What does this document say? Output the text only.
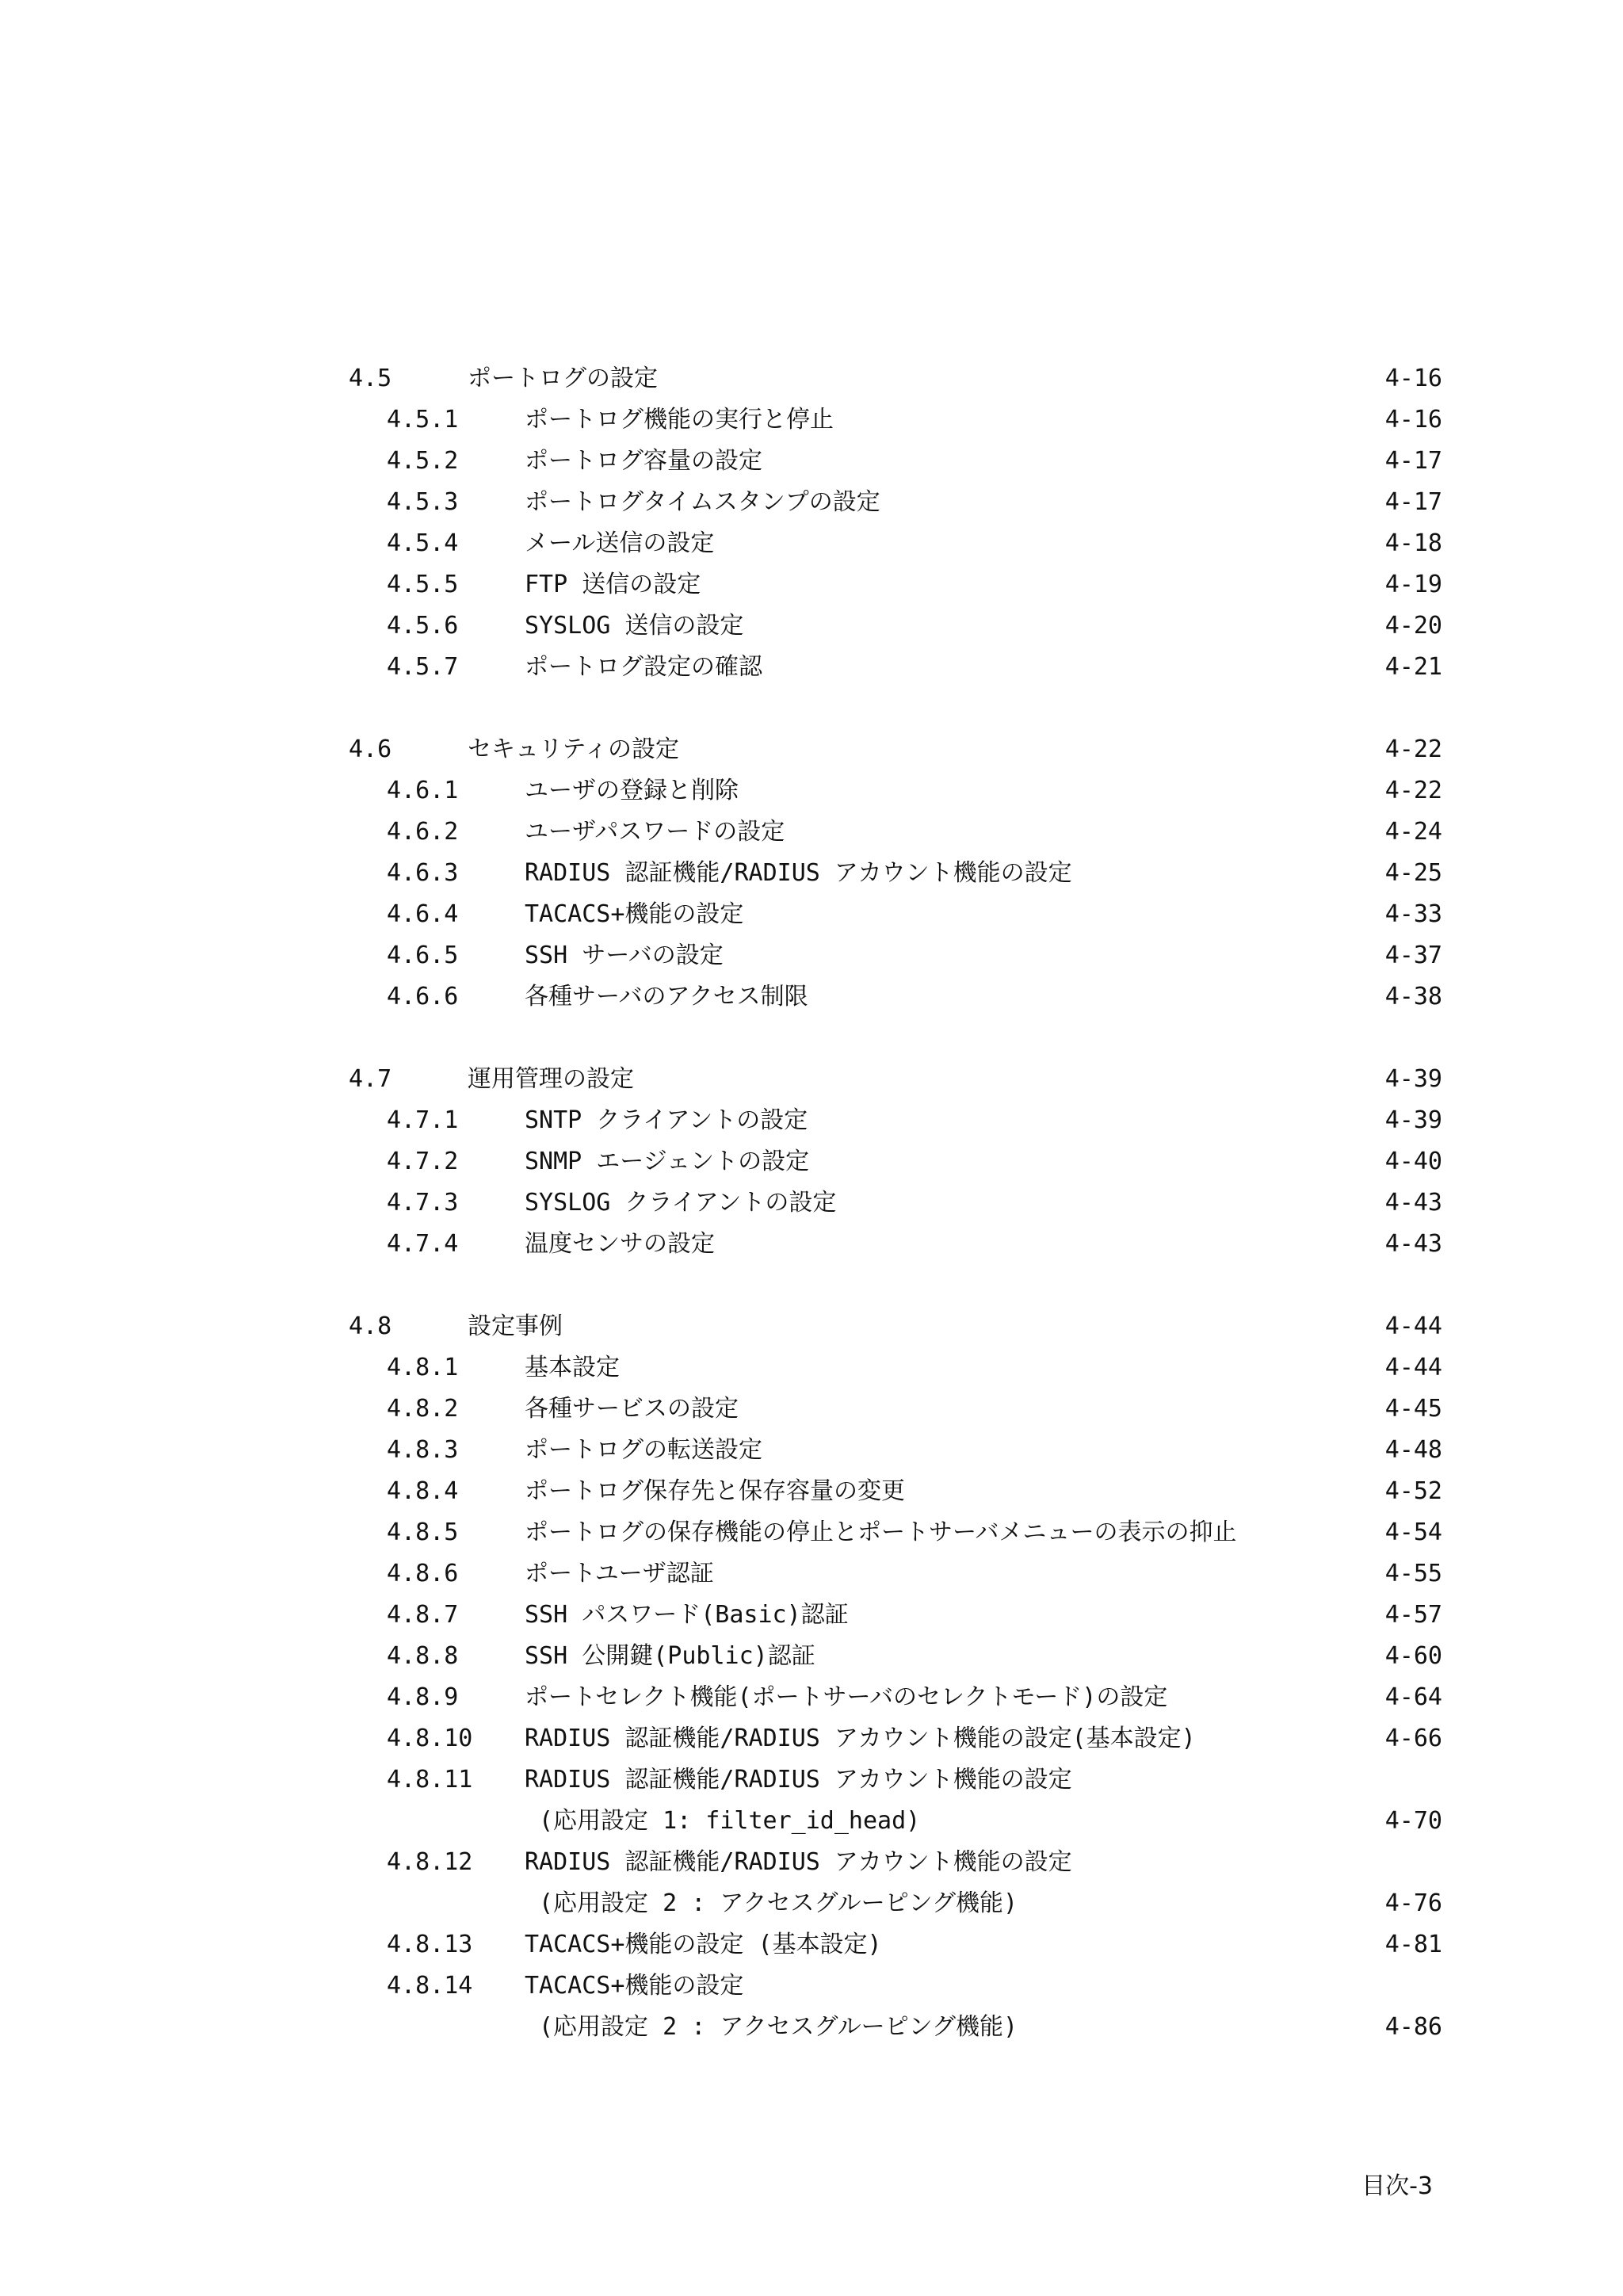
4.5	ポートログの設定	4-16
4.5.1	ポートログ機能の実行と停止	4-16
4.5.2	ポートログ容量の設定	4-17
4.5.3	ポートログタイムスタンプの設定	4-17
4.5.4	メール送信の設定	4-18
4.5.5	FTP 送信の設定	4-19
4.5.6	SYSLOG 送信の設定	4-20
4.5.7	ポートログ設定の確認	4-21
4.6	セキュリティの設定	4-22
4.6.1	ユーザの登録と削除	4-22
4.6.2	ユーザパスワードの設定	4-24
4.6.3	RADIUS 認証機能/RADIUS アカウント機能の設定	4-25
4.6.4	TACACS+機能の設定	4-33
4.6.5	SSH サーバの設定	4-37
4.6.6	各種サーバのアクセス制限	4-38
4.7	運用管理の設定	4-39
4.7.1	SNTP クライアントの設定	4-39
4.7.2	SNMP エージェントの設定	4-40
4.7.3	SYSLOG クライアントの設定	4-43
4.7.4	温度センサの設定	4-43
4.8	設定事例	4-44
4.8.1	基本設定	4-44
4.8.2	各種サービスの設定	4-45
4.8.3	ポートログの転送設定	4-48
4.8.4	ポートログ保存先と保存容量の変更	4-52
4.8.5	ポートログの保存機能の停止とポートサーバメニューの表示の抑止	4-54
4.8.6	ポートユーザ認証	4-55
4.8.7	SSH パスワード(Basic)認証	4-57
4.8.8	SSH 公開鍵(Public)認証	4-60
4.8.9	ポートセレクト機能(ポートサーバのセレクトモード)の設定	4-64
4.8.10 RADIUS 認証機能/RADIUS アカウント機能の設定(基本設定)	4-66
4.8.11 RADIUS 認証機能/RADIUS アカウント機能の設定
(応用設定 1: filter_id_head)	4-70
4.8.12 RADIUS 認証機能/RADIUS アカウント機能の設定
(応用設定 2 : アクセスグルーピング機能)	4-76
4.8.13 TACACS+機能の設定 (基本設定)	4-81
4.8.14 TACACS+機能の設定
(応用設定 2 : アクセスグルーピング機能)	4-86
目次-3
